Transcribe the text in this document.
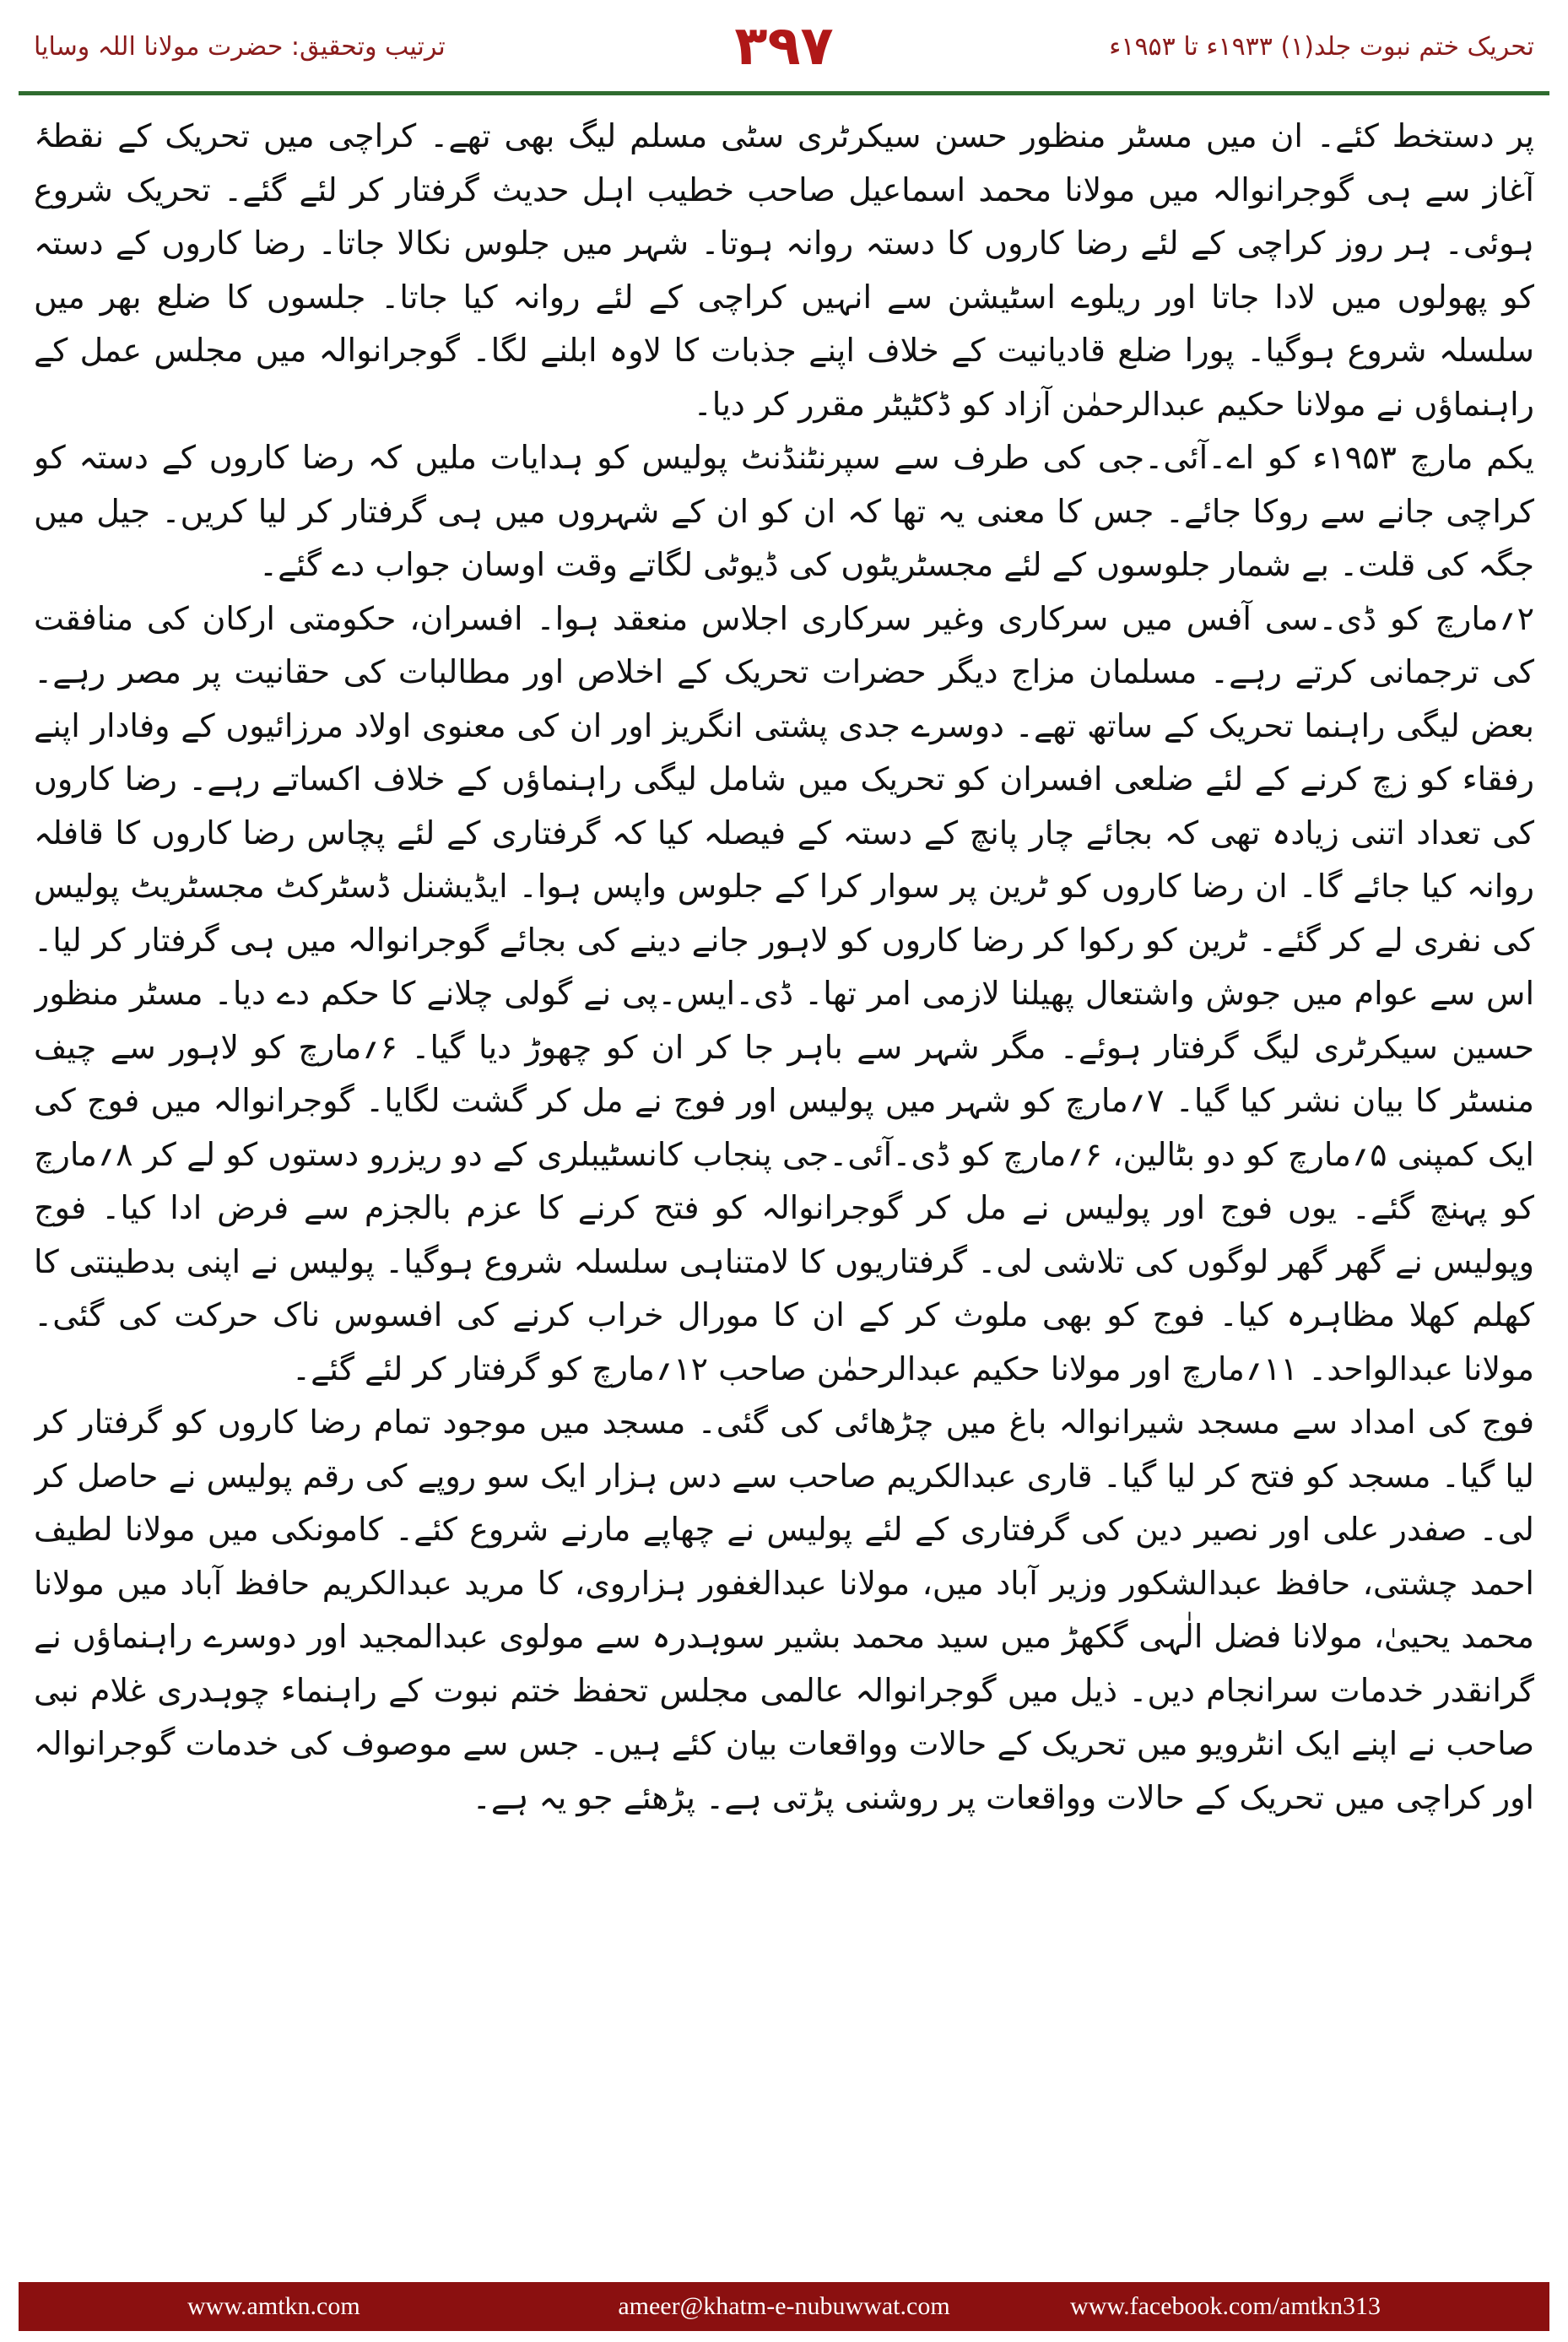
ترتیب وتحقیق: حضرت مولانا اللہ وسایا	۳۹۷	تحریک ختم نبوت جلد(۱) ۱۹۳۳ء تا ۱۹۵۳ء

پر دستخط کئے۔ ان میں مسٹر منظور حسن سیکرٹری سٹی مسلم لیگ بھی تھے۔ کراچی میں تحریک کے نقطۂ آغاز سے ہی گوجرانوالہ میں مولانا محمد اسماعیل صاحب خطیب اہل حدیث گرفتار کر لئے گئے۔ تحریک شروع ہوئی۔ ہر روز کراچی کے لئے رضا کاروں کا دستہ روانہ ہوتا۔ شہر میں جلوس نکالا جاتا۔ رضا کاروں کے دستہ کو پھولوں میں لادا جاتا اور ریلوے اسٹیشن سے انہیں کراچی کے لئے روانہ کیا جاتا۔ جلسوں کا ضلع بھر میں سلسلہ شروع ہوگیا۔ پورا ضلع قادیانیت کے خلاف اپنے جذبات کا لاوہ ابلنے لگا۔ گوجرانوالہ میں مجلس عمل کے راہنماؤں نے مولانا حکیم عبدالرحمٰن آزاد کو ڈکٹیٹر مقرر کر دیا۔

یکم مارچ ۱۹۵۳ء کو اے۔آئی۔جی کی طرف سے سپرنٹنڈنٹ پولیس کو ہدایات ملیں کہ رضا کاروں کے دستہ کو کراچی جانے سے روکا جائے۔ جس کا معنی یہ تھا کہ ان کو ان کے شہروں میں ہی گرفتار کر لیا کریں۔ جیل میں جگہ کی قلت۔ بے شمار جلوسوں کے لئے مجسٹریٹوں کی ڈیوٹی لگاتے وقت اوسان جواب دے گئے۔

۲؍مارچ کو ڈی۔سی آفس میں سرکاری وغیر سرکاری اجلاس منعقد ہوا۔ افسران، حکومتی ارکان کی منافقت کی ترجمانی کرتے رہے۔ مسلمان مزاج دیگر حضرات تحریک کے اخلاص اور مطالبات کی حقانیت پر مصر رہے۔ بعض لیگی راہنما تحریک کے ساتھ تھے۔ دوسرے جدی پشتی انگریز اور ان کی معنوی اولاد مرزائیوں کے وفادار اپنے رفقاء کو زچ کرنے کے لئے ضلعی افسران کو تحریک میں شامل لیگی راہنماؤں کے خلاف اکساتے رہے۔ رضا کاروں کی تعداد اتنی زیادہ تھی کہ بجائے چار پانچ کے دستہ کے فیصلہ کیا کہ گرفتاری کے لئے پچاس رضا کاروں کا قافلہ روانہ کیا جائے گا۔ ان رضا کاروں کو ٹرین پر سوار کرا کے جلوس واپس ہوا۔ ایڈیشنل ڈسٹرکٹ مجسٹریٹ پولیس کی نفری لے کر گئے۔ ٹرین کو رکوا کر رضا کاروں کو لاہور جانے دینے کی بجائے گوجرانوالہ میں ہی گرفتار کر لیا۔ اس سے عوام میں جوش واشتعال پھیلنا لازمی امر تھا۔ ڈی۔ایس۔پی نے گولی چلانے کا حکم دے دیا۔ مسٹر منظور حسین سیکرٹری لیگ گرفتار ہوئے۔ مگر شہر سے باہر جا کر ان کو چھوڑ دیا گیا۔ ۶؍مارچ کو لاہور سے چیف منسٹر کا بیان نشر کیا گیا۔ ۷؍مارچ کو شہر میں پولیس اور فوج نے مل کر گشت لگایا۔ گوجرانوالہ میں فوج کی ایک کمپنی ۵؍مارچ کو دو بٹالین، ۶؍مارچ کو ڈی۔آئی۔جی پنجاب کانسٹیبلری کے دو ریزرو دستوں کو لے کر ۸؍مارچ کو پہنچ گئے۔ یوں فوج اور پولیس نے مل کر گوجرانوالہ کو فتح کرنے کا عزم بالجزم سے فرض ادا کیا۔ فوج وپولیس نے گھر گھر لوگوں کی تلاشی لی۔ گرفتاریوں کا لامتناہی سلسلہ شروع ہوگیا۔ پولیس نے اپنی بدطینتی کا کھلم کھلا مظاہرہ کیا۔ فوج کو بھی ملوث کر کے ان کا مورال خراب کرنے کی افسوس ناک حرکت کی گئی۔ مولانا عبدالواحد۔ ۱۱؍مارچ اور مولانا حکیم عبدالرحمٰن صاحب ۱۲؍مارچ کو گرفتار کر لئے گئے۔

فوج کی امداد سے مسجد شیرانوالہ باغ میں چڑھائی کی گئی۔ مسجد میں موجود تمام رضا کاروں کو گرفتار کر لیا گیا۔ مسجد کو فتح کر لیا گیا۔ قاری عبدالکریم صاحب سے دس ہزار ایک سو روپے کی رقم پولیس نے حاصل کر لی۔ صفدر علی اور نصیر دین کی گرفتاری کے لئے پولیس نے چھاپے مارنے شروع کئے۔ کامونکی میں مولانا لطیف احمد چشتی، حافظ عبدالشکور وزیر آباد میں، مولانا عبدالغفور ہزاروی، کا مرید عبدالکریم حافظ آباد میں مولانا محمد یحییٰ، مولانا فضل الٰہی گکھڑ میں سید محمد بشیر سوہدرہ سے مولوی عبدالمجید اور دوسرے راہنماؤں نے گرانقدر خدمات سرانجام دیں۔ ذیل میں گوجرانوالہ عالمی مجلس تحفظ ختم نبوت کے راہنماء چوہدری غلام نبی صاحب نے اپنے ایک انٹرویو میں تحریک کے حالات وواقعات بیان کئے ہیں۔ جس سے موصوف کی خدمات گوجرانوالہ اور کراچی میں تحریک کے حالات وواقعات پر روشنی پڑتی ہے۔ پڑھئے جو یہ ہے۔

www.amtkn.com	ameer@khatm-e-nubuwwat.com	www.facebook.com/amtkn313
